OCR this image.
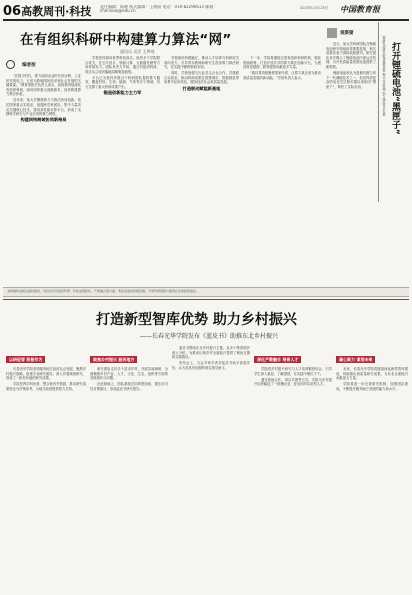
06高教周刊·科技 责任编辑：陈晓 版式编辑：王晓丽 电话：010-82296613 邮箱：chenxiao@edu.cn	中国教育报
2023年10月25日
在有组织科研中构建算力算法“网”
通讯员 吴洋 王梦瑶
编者按

“在数字时代，算力如同农业时代的水利、工业时代的电力，已成为影响国民经济和社会发展的关键要素。”教育部相关负责人表示，高校要持续深化有组织科研，面向国家重大战略需求，加快构建算力算法体系。

近年来，某大学聚焦算力与算法协同创新，依托国家重点实验室，组建跨学科团队，集中力量攻克关键核心技术，建设高性能计算平台，形成了支撑科学研究与产业应用的算力网络。

构建网络跨域协同新格局

学校坚持面向世界科技前沿，组织多个学院联合攻关，在芯片设计、智能计算、大数据处理等方向持续发力。团队负责人介绍，通过有组织科研，项目从立项到落地周期明显缩短。

平台已为校内外数百个科研团队提供算力服务，覆盖材料、生命、能源、气象等多个领域，有力支撑了重大科研成果产出。

锻造创新能力主力军

学校深化科教融汇，推动人才培养与科研攻关同向发力，引导青年教师和研究生投身算力算法研究，在实践中锤炼科研本领。

同时，学校加强与行业龙头企业合作，共建联合实验室，推动科研成果在智慧城市、智能制造等场景中应用转化，服务经济社会高质量发展。

打造联动赋能新高地

下一步，学校将继续完善有组织科研机制，强化资源统筹，打造开放共享的算力算法创新平台，为建设科技强国、教育强国贡献更多力量。

“我们将持续聚焦国家所需，让算力真正成为推动高质量发展的新动能。”学校负责人表示。

观察窗

近日，某大学科研团队在锂硫电池研究领域取得重要进展，相关成果发表于国际权威期刊。研究团队首次揭示了锂硫电池内部反应机理，为开发高能量密度电池提供了新思路。

锂硫电池被认为是最具潜力的下一代储能技术之一，但其内部复杂的电化学过程长期以来如同“黑匣子”，制约了实际应用。	锂硫电池研究取得重要进展 揭示反应机理 助力储能技术发展 打开锂硫电池“黑匣子”
本版稿件由相关高校提供，内容涉及有组织科研、科技成果转化、产教融合等方面。欢迎各高校积极投稿，分享科研创新与服务社会的经验做法。
打造新型智库优势 助力乡村振兴
——长春光华学院发布《蓝皮书》助推东北乡村振兴
以研促智 积极作为

长春光华学院坚持服务地方经济社会发展，聚焦乡村振兴战略，组建专业研究团队，深入开展调查研究，形成了一批有价值的研究成果。

学院发挥学科优势，整合校内外资源，推动研究成果转化为决策参考，为地方政府提供智力支持。

聚焦乡村振兴 服务地方

研究团队走访多个县市乡村，开展实地调研，全面梳理乡村产业、人才、文化、生态、组织等方面的发展现状与问题。

在此基础上，团队系统总结典型经验，提出针对性对策建议，形成蓝皮书研究报告。

蓝皮书围绕东北乡村振兴主题，从多个维度展开深入分析，为推动区域乡村全面振兴提供了理论支撑和实践路径。

发布会上，与会专家学者对蓝皮书给予高度评价，认为其具有较强的现实指导意义。

深化产教融合 培育人才

学院将乡村振兴研究与人才培养紧密结合，引导学生深入基层、了解国情，在实践中增长才干。

通过校地合作、项目共建等方式，学院为乡村振兴培养输送了一批懂农业、爱农村的实用型人才。

凝心聚力 谋划未来

未来，长春光华学院将继续深化新型智库建设，持续推出高质量研究成果，为东北全面振兴贡献更大力量。

学院将进一步完善研究机制，加强团队建设，不断提升服务地方发展的能力和水平。
